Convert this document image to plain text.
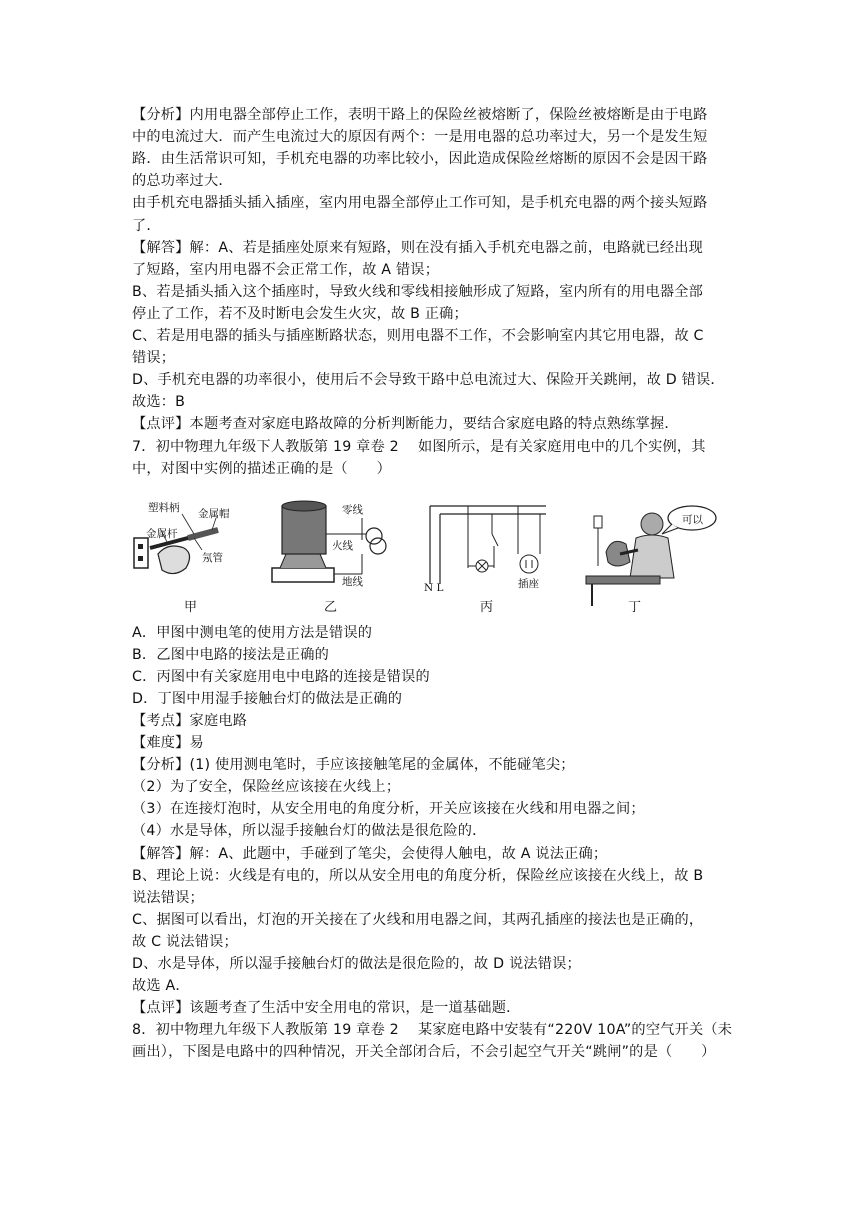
【分析】内用电器全部停止工作，表明干路上的保险丝被熔断了，保险丝被熔断是由于电路
中的电流过大．而产生电流过大的原因有两个：一是用电器的总功率过大，另一个是发生短
路．由生活常识可知，手机充电器的功率比较小，因此造成保险丝熔断的原因不会是因干路
的总功率过大．
由手机充电器插头插入插座，室内用电器全部停止工作可知，是手机充电器的两个接头短路
了．
【解答】解：A、若是插座处原来有短路，则在没有插入手机充电器之前，电路就已经出现
了短路，室内用电器不会正常工作，故 A 错误；
B、若是插头插入这个插座时，导致火线和零线相接触形成了短路，室内所有的用电器全部
停止了工作，若不及时断电会发生火灾，故 B 正确；
C、若是用电器的插头与插座断路状态，则用电器不工作，不会影响室内其它用电器，故 C
错误；
D、手机充电器的功率很小，使用后不会导致干路中总电流过大、保险开关跳闸，故 D 错误．
故选：B
【点评】本题考查对家庭电路故障的分析判断能力，要结合家庭电路的特点熟练掌握．
7．初中物理九年级下人教版第 19 章卷 2　 如图所示，是有关家庭用电中的几个实例，其
中，对图中实例的描述正确的是（　　）
塑料柄 金属帽
金属杆
氖管
甲
零线
火线
地线
乙
N L	插座
丙
可以
丁
A．甲图中测电笔的使用方法是错误的
B．乙图中电路的接法是正确的
C．丙图中有关家庭用电中电路的连接是错误的
D．丁图中用湿手接触台灯的做法是正确的
【考点】家庭电路
【难度】易
【分析】(1) 使用测电笔时，手应该接触笔尾的金属体，不能碰笔尖；
（2）为了安全，保险丝应该接在火线上；
（3）在连接灯泡时，从安全用电的角度分析，开关应该接在火线和用电器之间；
（4）水是导体，所以湿手接触台灯的做法是很危险的．
【解答】解：A、此题中，手碰到了笔尖，会使得人触电，故 A 说法正确；
B、理论上说：火线是有电的，所以从安全用电的角度分析，保险丝应该接在火线上，故 B
说法错误；
C、据图可以看出，灯泡的开关接在了火线和用电器之间，其两孔插座的接法也是正确的，
故 C 说法错误；
D、水是导体，所以湿手接触台灯的做法是很危险的，故 D 说法错误；
故选 A．
【点评】该题考查了生活中安全用电的常识，是一道基础题．
8．初中物理九年级下人教版第 19 章卷 2　 某家庭电路中安装有“220V 10A”的空气开关（未
画出），下图是电路中的四种情况，开关全部闭合后，不会引起空气开关“跳闸”的是（　　）
